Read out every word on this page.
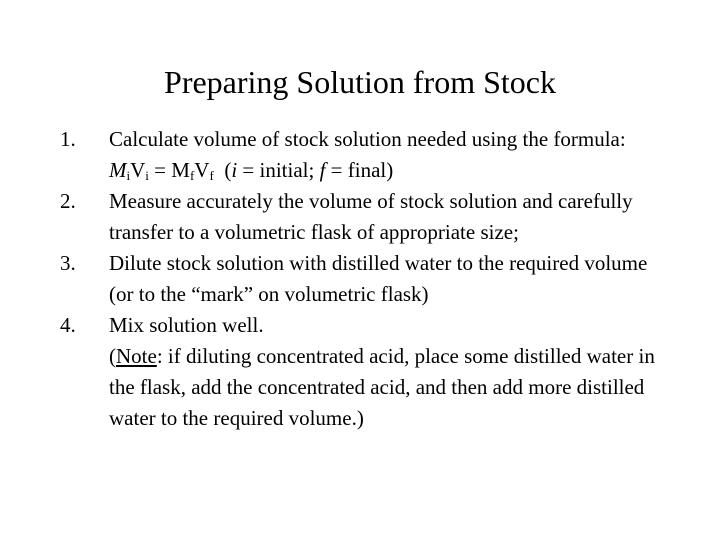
Preparing Solution from Stock
1. Calculate volume of stock solution needed using the formula: $M_iV_i = M_fV_f$  (i = initial; f = final)
2. Measure accurately the volume of stock solution and carefully transfer to a volumetric flask of appropriate size;
3. Dilute stock solution with distilled water to the required volume (or to the “mark” on volumetric flask)
4. Mix solution well.
(Note: if diluting concentrated acid, place some distilled water in the flask, add the concentrated acid, and then add more distilled water to the required volume.)
